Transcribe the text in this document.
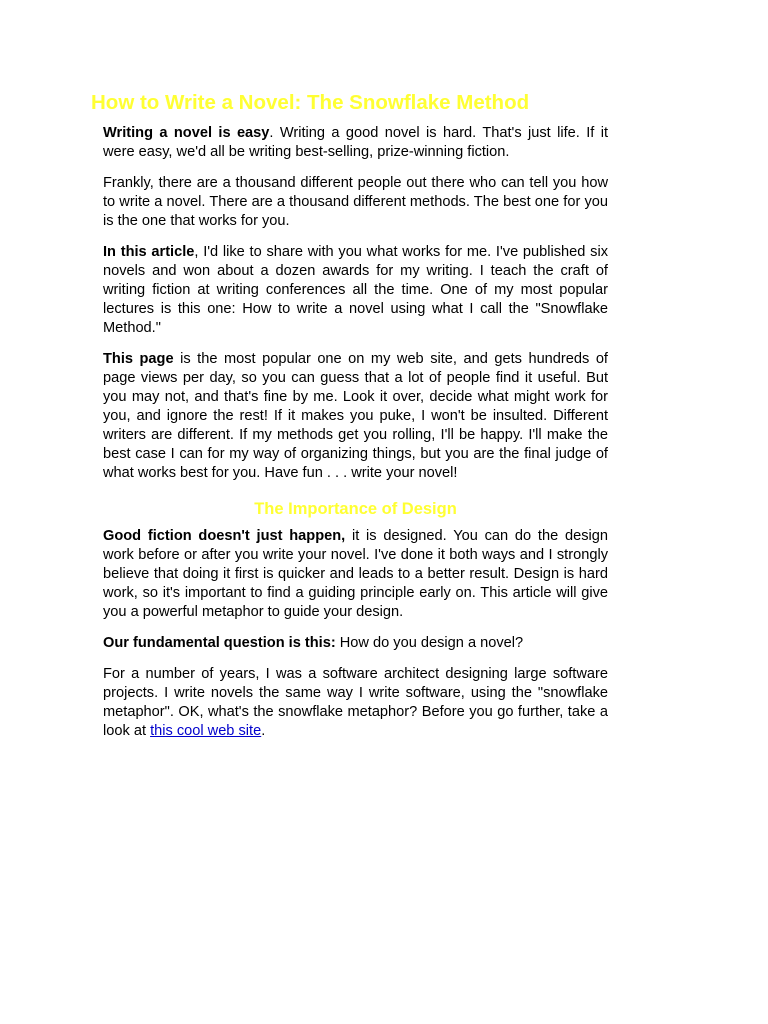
How to Write a Novel: The Snowflake Method

Writing a novel is easy. Writing a good novel is hard. That's just life. If it were easy, we'd all be writing best-selling, prize-winning fiction.

Frankly, there are a thousand different people out there who can tell you how to write a novel. There are a thousand different methods. The best one for you is the one that works for you.

In this article, I'd like to share with you what works for me. I've published six novels and won about a dozen awards for my writing. I teach the craft of writing fiction at writing conferences all the time. One of my most popular lectures is this one: How to write a novel using what I call the "Snowflake Method."

This page is the most popular one on my web site, and gets hundreds of page views per day, so you can guess that a lot of people find it useful. But you may not, and that's fine by me. Look it over, decide what might work for you, and ignore the rest! If it makes you puke, I won't be insulted. Different writers are different. If my methods get you rolling, I'll be happy. I'll make the best case I can for my way of organizing things, but you are the final judge of what works best for you. Have fun . . . write your novel!

The Importance of Design

Good fiction doesn't just happen, it is designed. You can do the design work before or after you write your novel. I've done it both ways and I strongly believe that doing it first is quicker and leads to a better result. Design is hard work, so it's important to find a guiding principle early on. This article will give you a powerful metaphor to guide your design.

Our fundamental question is this: How do you design a novel?

For a number of years, I was a software architect designing large software projects. I write novels the same way I write software, using the "snowflake metaphor". OK, what's the snowflake metaphor? Before you go further, take a look at this cool web site.
